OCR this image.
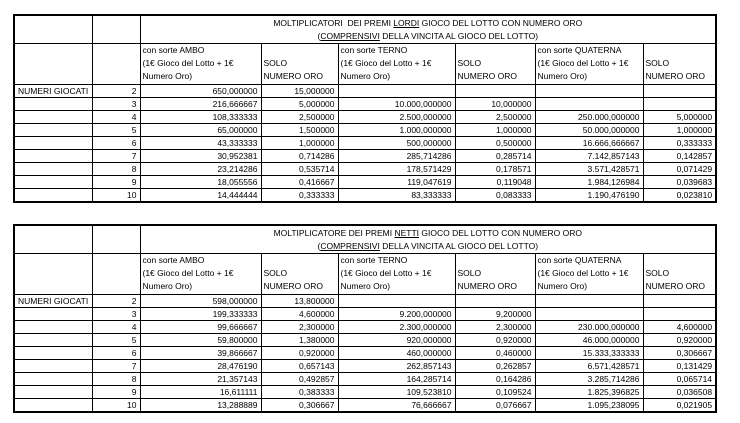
		MOLTIPLICATORI  DEI PREMI LORDI GIOCO DEL LOTTO CON NUMERO ORO
(COMPRENSIVI DELLA VINCITA AL GIOCO DEL LOTTO)					

con sorte AMBO
(1€ Gioco del Lotto + 1€
Numero Oro)

SOLO
NUMERO ORO

con sorte TERNO
(1€ Gioco del Lotto + 1€
Numero Oro)

SOLO
NUMERO ORO

con sorte QUATERNA
(1€ Gioco del Lotto + 1€
Numero Oro)

SOLO
NUMERO ORO

NUMERI GIOCATI	2	650,000000	15,000000				
	3	216,666667	5,000000	10.000,000000	10,000000		
	4	108,333333	2,500000	2.500,000000	2,500000	250.000,000000	5,000000
	5	65,000000	1,500000	1.000,000000	1,000000	50.000,000000	1,000000
	6	43,333333	1,000000	500,000000	0,500000	16.666,666667	0,333333
	7	30,952381	0,714286	285,714286	0,285714	7.142,857143	0,142857
	8	23,214286	0,535714	178,571429	0,178571	3.571,428571	0,071429
	9	18,055556	0,416667	119,047619	0,119048	1.984,126984	0,039683
	10	14,444444	0,333333	83,333333	0,083333	1.190,476190	0,023810

		MOLTIPLICATORE DEI PREMI NETTI GIOCO DEL LOTTO CON NUMERO ORO
(COMPRENSIVI DELLA VINCITA AL GIOCO DEL LOTTO)					

con sorte AMBO
(1€ Gioco del Lotto + 1€
Numero Oro)

SOLO
NUMERO ORO

con sorte TERNO
(1€ Gioco del Lotto + 1€
Numero Oro)

SOLO
NUMERO ORO

con sorte QUATERNA
(1€ Gioco del Lotto + 1€
Numero Oro)

SOLO
NUMERO ORO

NUMERI GIOCATI	2	598,000000	13,800000				
	3	199,333333	4,600000	9.200,000000	9,200000		
	4	99,666667	2,300000	2.300,000000	2,300000	230.000,000000	4,600000
	5	59,800000	1,380000	920,000000	0,920000	46.000,000000	0,920000
	6	39,866667	0,920000	460,000000	0,460000	15.333,333333	0,306667
	7	28,476190	0,657143	262,857143	0,262857	6.571,428571	0,131429
	8	21,357143	0,492857	164,285714	0,164286	3.285,714286	0,065714
	9	16,611111	0,383333	109,523810	0,109524	1.825,396825	0,036508
	10	13,288889	0,306667	76,666667	0,076667	1.095,238095	0,021905
